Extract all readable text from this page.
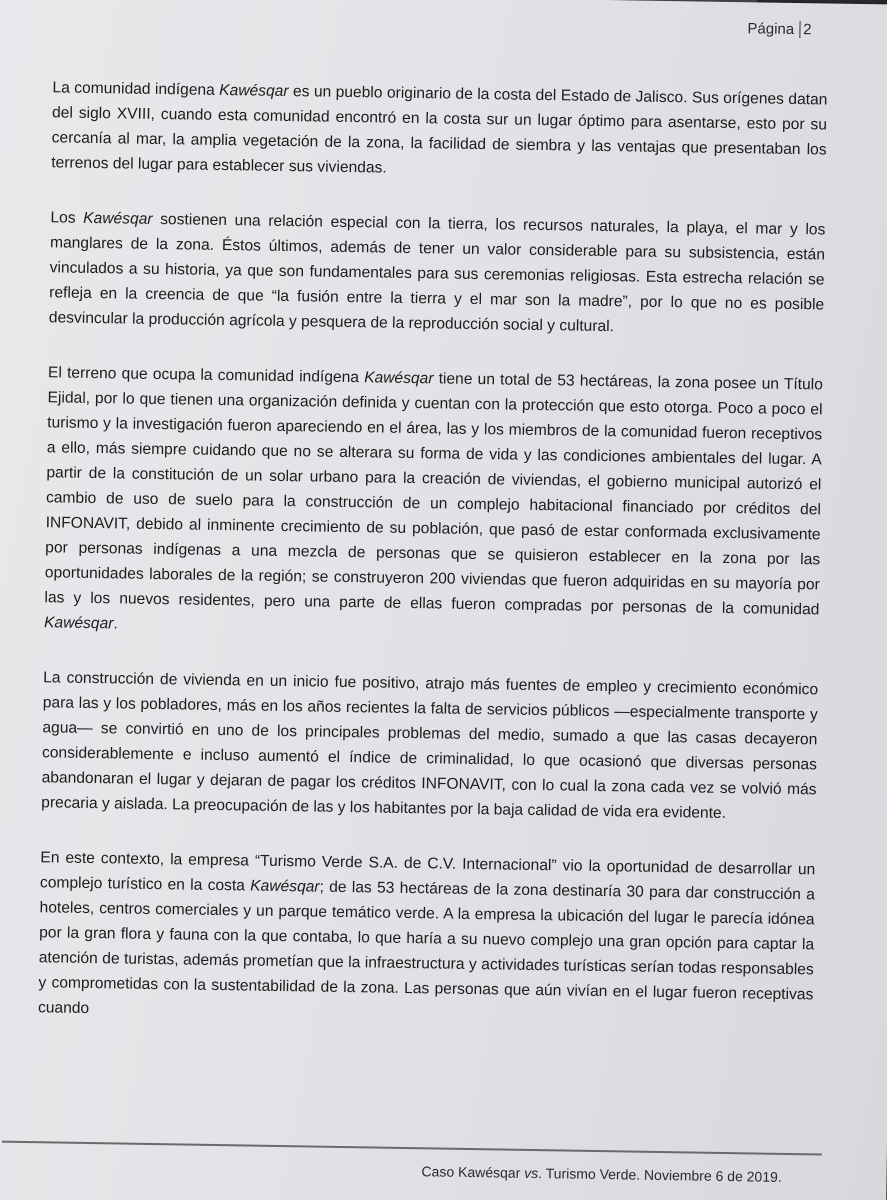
Página 2

La comunidad indígena Kawésqar es un pueblo originario de la costa del Estado de Jalisco. Sus orígenes datan del siglo XVIII, cuando esta comunidad encontró en la costa sur un lugar óptimo para asentarse, esto por su cercanía al mar, la amplia vegetación de la zona, la facilidad de siembra y las ventajas que presentaban los terrenos del lugar para establecer sus viviendas.

Los Kawésqar sostienen una relación especial con la tierra, los recursos naturales, la playa, el mar y los manglares de la zona. Éstos últimos, además de tener un valor considerable para su subsistencia, están vinculados a su historia, ya que son fundamentales para sus ceremonias religiosas. Esta estrecha relación se refleja en la creencia de que “la fusión entre la tierra y el mar son la madre”, por lo que no es posible desvincular la producción agrícola y pesquera de la reproducción social y cultural.

El terreno que ocupa la comunidad indígena Kawésqar tiene un total de 53 hectáreas, la zona posee un Título Ejidal, por lo que tienen una organización definida y cuentan con la protección que esto otorga. Poco a poco el turismo y la investigación fueron apareciendo en el área, las y los miembros de la comunidad fueron receptivos a ello, más siempre cuidando que no se alterara su forma de vida y las condiciones ambientales del lugar. A partir de la constitución de un solar urbano para la creación de viviendas, el gobierno municipal autorizó el cambio de uso de suelo para la construcción de un complejo habitacional financiado por créditos del INFONAVIT, debido al inminente crecimiento de su población, que pasó de estar conformada exclusivamente por personas indígenas a una mezcla de personas que se quisieron establecer en la zona por las oportunidades laborales de la región; se construyeron 200 viviendas que fueron adquiridas en su mayoría por las y los nuevos residentes, pero una parte de ellas fueron compradas por personas de la comunidad Kawésqar.

La construcción de vivienda en un inicio fue positivo, atrajo más fuentes de empleo y crecimiento económico para las y los pobladores, más en los años recientes la falta de servicios públicos —especialmente transporte y agua— se convirtió en uno de los principales problemas del medio, sumado a que las casas decayeron considerablemente e incluso aumentó el índice de criminalidad, lo que ocasionó que diversas personas abandonaran el lugar y dejaran de pagar los créditos INFONAVIT, con lo cual la zona cada vez se volvió más precaria y aislada. La preocupación de las y los habitantes por la baja calidad de vida era evidente.

En este contexto, la empresa “Turismo Verde S.A. de C.V. Internacional” vio la oportunidad de desarrollar un complejo turístico en la costa Kawésqar; de las 53 hectáreas de la zona destinaría 30 para dar construcción a hoteles, centros comerciales y un parque temático verde. A la empresa la ubicación del lugar le parecía idónea por la gran flora y fauna con la que contaba, lo que haría a su nuevo complejo una gran opción para captar la atención de turistas, además prometían que la infraestructura y actividades turísticas serían todas responsables y comprometidas con la sustentabilidad de la zona. Las personas que aún vivían en el lugar fueron receptivas cuando

Caso Kawésqar vs. Turismo Verde. Noviembre 6 de 2019.
